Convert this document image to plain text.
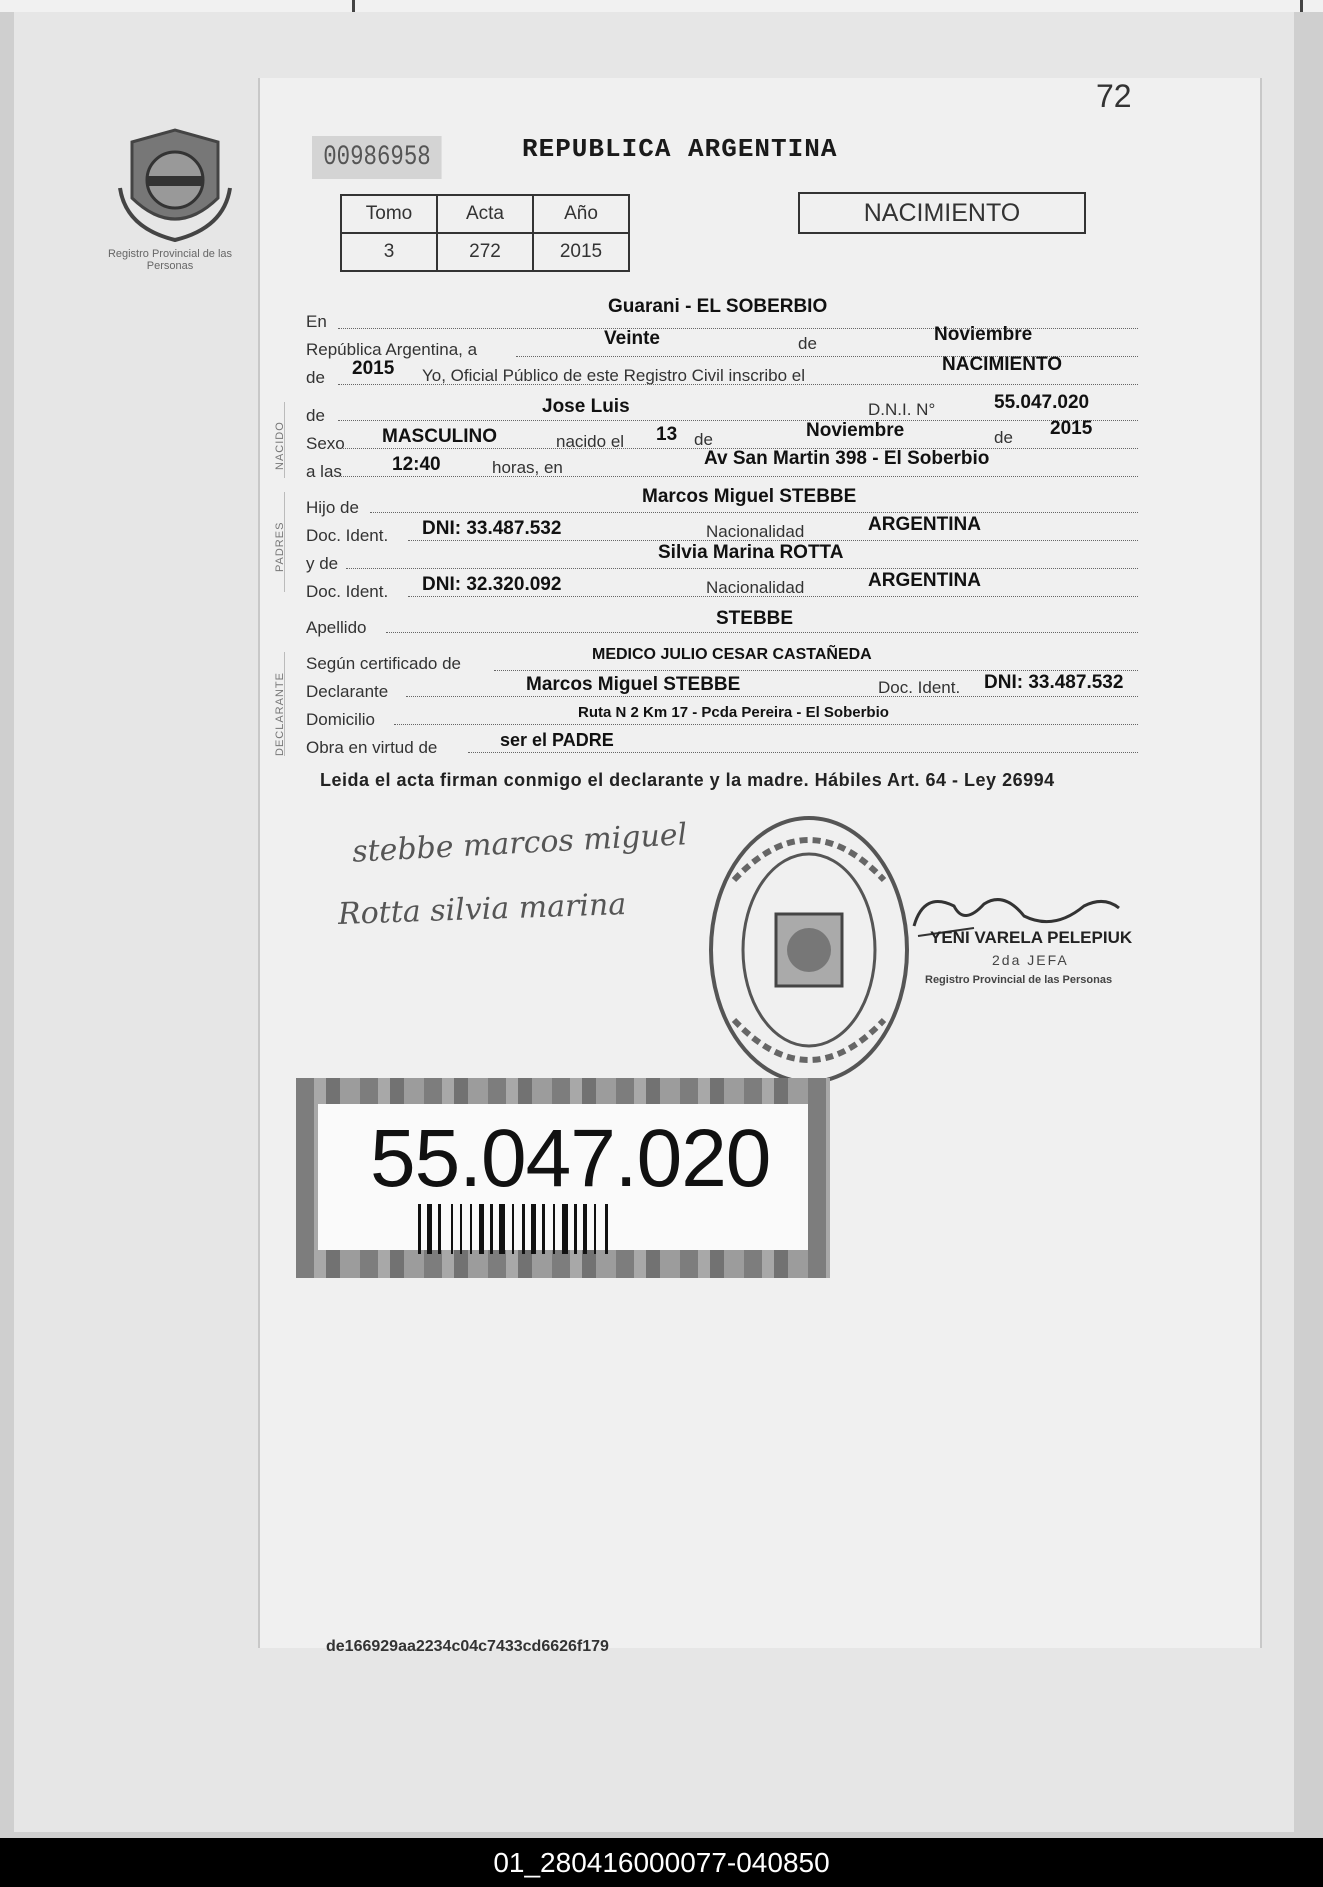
72
Registro Provincial de las Personas
00986958	REPUBLICA ARGENTINA
Tomo	Acta	Año
3	272	2015
NACIMIENTO
NACIDO
PADRES
DECLARANTE
En
Guarani - EL SOBERBIO
República Argentina, a
Veinte	de	Noviembre
de 2015 Yo, Oficial Público de este Registro Civil inscribo el
NACIMIENTO
de	Jose Luis	D.N.I. N°	55.047.020
Sexo MASCULINO	nacido el 13 de	Noviembre	de 2015
a las	12:40	horas, en	Av San Martin 398 - El Soberbio
Hijo de
Marcos Miguel STEBBE
Doc. Ident. DNI: 33.487.532	Nacionalidad	ARGENTINA
y de
Silvia Marina ROTTA
Doc. Ident. DNI: 32.320.092	Nacionalidad	ARGENTINA
Apellido	STEBBE
Según certificado de	MEDICO JULIO CESAR CASTAÑEDA
Declarante	Marcos Miguel STEBBE	Doc. Ident. DNI: 33.487.532
Domicilio	Ruta N 2 Km 17 - Pcda Pereira - El Soberbio
Obra en virtud de	ser el PADRE
Leida el acta firman conmigo el declarante y la madre. Hábiles Art. 64 - Ley 26994
stebbe marcos miguel
Rotta silvia marina
YENI VARELA PELEPIUK
2da JEFA
Registro Provincial de las Personas
55.047.020
de166929aa2234c04c7433cd6626f179
01_280416000077-040850
